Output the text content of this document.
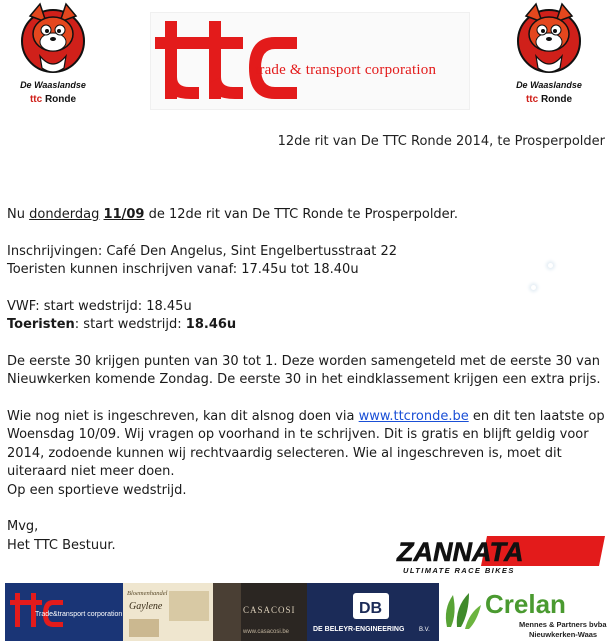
De Waaslandse
ttc Ronde
De Waaslandse
ttc Ronde
trade & transport corporation
12de rit van De TTC Ronde 2014, te Prosperpolder

Nu donderdag 11/09 de 12de rit van De TTC Ronde te Prosperpolder.

Inschrijvingen: Café Den Angelus, Sint Engelbertusstraat 22

Toeristen kunnen inschrijven vanaf: 17.45u tot 18.40u

VWF: start wedstrijd: 18.45u

Toeristen: start wedstrijd: 18.46u

De eerste 30 krijgen punten van 30 tot 1. Deze worden samengeteld met de eerste 30 van Nieuwkerken komende Zondag. De eerste 30 in het eindklassement krijgen een extra prijs.

Wie nog niet is ingeschreven, kan dit alsnog doen via www.ttcronde.be en dit ten laatste op Woensdag 10/09. Wij vragen op voorhand in te schrijven. Dit is gratis en blijft geldig voor 2014, zodoende kunnen wij rechtvaardig selecteren. Wie al ingeschreven is, moet dit uiteraard niet meer doen.

Op een sportieve wedstrijd.

Mvg,

Het TTC Bestuur.	ZANNATA
ULTIMATE RACE BIKES
Trade&transport corporation
Bloemenhandel
Gaylene	CASACOSI
www.casacosi.be
DB
DE BELEYR-ENGINEERING B.V.
Crelan
Mennes & Partners bvba
Nieuwkerken-Waas
